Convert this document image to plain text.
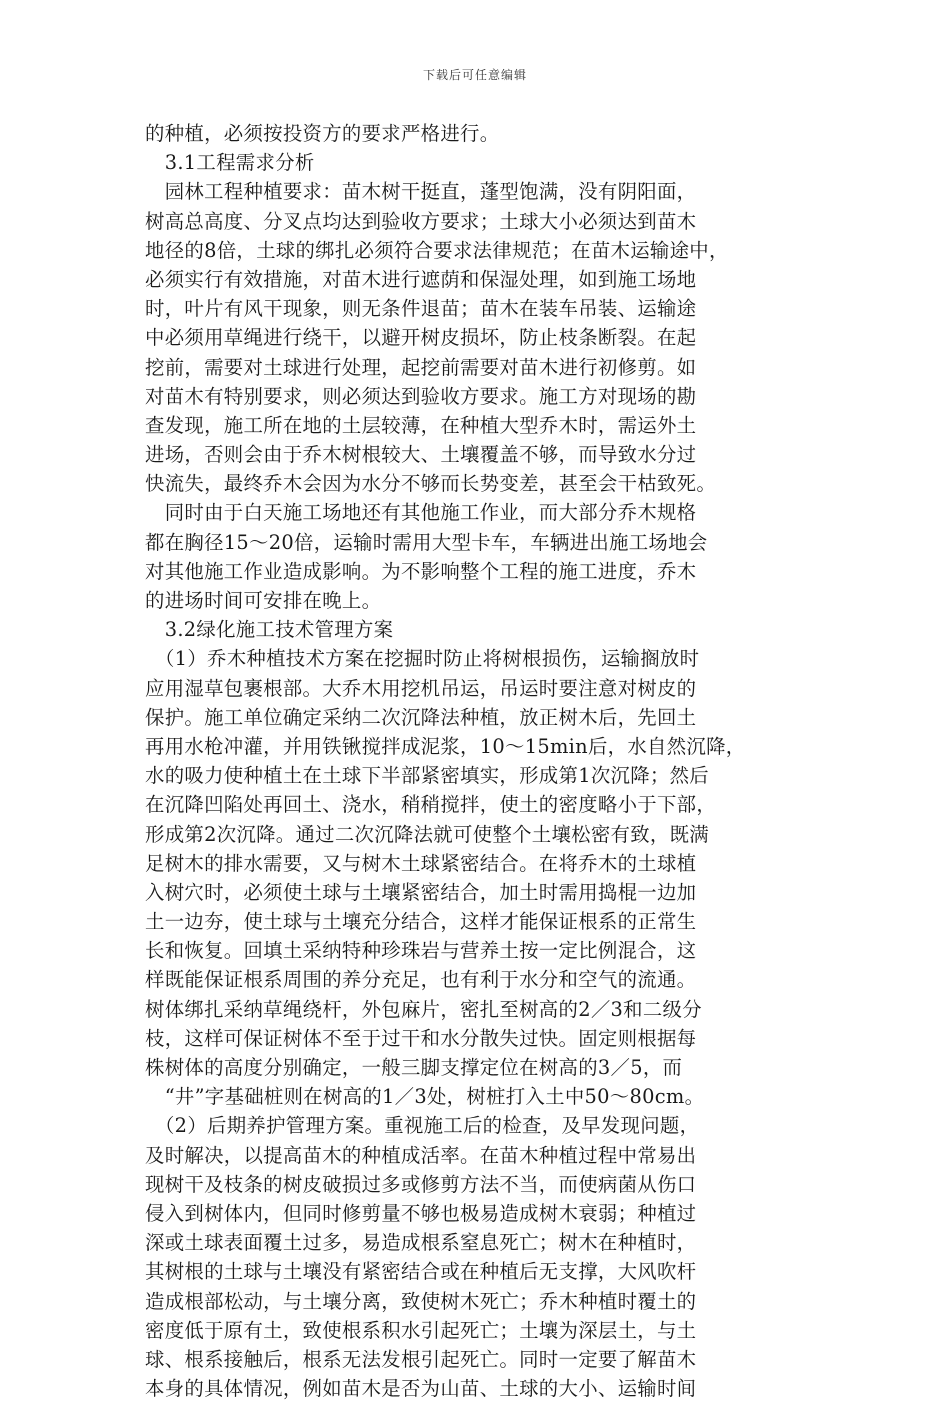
下载后可任意编辑
的种植，必须按投资方的要求严格进行。
　3.1工程需求分析
　园林工程种植要求：苗木树干挺直，蓬型饱满，没有阴阳面，
树高总高度、分叉点均达到验收方要求；土球大小必须达到苗木
地径的8倍，土球的绑扎必须符合要求法律规范；在苗木运输途中，
必须实行有效措施，对苗木进行遮荫和保湿处理，如到施工场地
时，叶片有风干现象，则无条件退苗；苗木在装车吊装、运输途
中必须用草绳进行绕干，以避开树皮损坏，防止枝条断裂。在起
挖前，需要对土球进行处理，起挖前需要对苗木进行初修剪。如
对苗木有特别要求，则必须达到验收方要求。施工方对现场的勘
查发现，施工所在地的土层较薄，在种植大型乔木时，需运外土
进场，否则会由于乔木树根较大、土壤覆盖不够，而导致水分过
快流失，最终乔木会因为水分不够而长势变差，甚至会干枯致死。
　同时由于白天施工场地还有其他施工作业，而大部分乔木规格
都在胸径15～20倍，运输时需用大型卡车，车辆进出施工场地会
对其他施工作业造成影响。为不影响整个工程的施工进度，乔木
的进场时间可安排在晚上。
　3.2绿化施工技术管理方案
　（1）乔木种植技术方案在挖掘时防止将树根损伤，运输搁放时
应用湿草包裹根部。大乔木用挖机吊运，吊运时要注意对树皮的
保护。施工单位确定采纳二次沉降法种植，放正树木后，先回土
再用水枪冲灌，并用铁锹搅拌成泥浆，10～15min后，水自然沉降，
水的吸力使种植土在土球下半部紧密填实，形成第1次沉降；然后
在沉降凹陷处再回土、浇水，稍稍搅拌，使土的密度略小于下部，
形成第2次沉降。通过二次沉降法就可使整个土壤松密有致，既满
足树木的排水需要，又与树木土球紧密结合。在将乔木的土球植
入树穴时，必须使土球与土壤紧密结合，加土时需用捣棍一边加
土一边夯，使土球与土壤充分结合，这样才能保证根系的正常生
长和恢复。回填土采纳特种珍珠岩与营养土按一定比例混合，这
样既能保证根系周围的养分充足，也有利于水分和空气的流通。
树体绑扎采纳草绳绕杆，外包麻片，密扎至树高的2／3和二级分
枝，这样可保证树体不至于过干和水分散失过快。固定则根据每
株树体的高度分别确定，一般三脚支撑定位在树高的3／5，而
　“井”字基础桩则在树高的1／3处，树桩打入土中50～80cm。
　（2）后期养护管理方案。重视施工后的检查，及早发现问题，
及时解决，以提高苗木的种植成活率。在苗木种植过程中常易出
现树干及枝条的树皮破损过多或修剪方法不当，而使病菌从伤口
侵入到树体内，但同时修剪量不够也极易造成树木衰弱；种植过
深或土球表面覆土过多，易造成根系窒息死亡；树木在种植时，
其树根的土球与土壤没有紧密结合或在种植后无支撑，大风吹杆
造成根部松动，与土壤分离，致使树木死亡；乔木种植时覆土的
密度低于原有土，致使根系积水引起死亡；土壤为深层土，与土
球、根系接触后，根系无法发根引起死亡。同时一定要了解苗木
本身的具体情况，例如苗木是否为山苗、土球的大小、运输时间
